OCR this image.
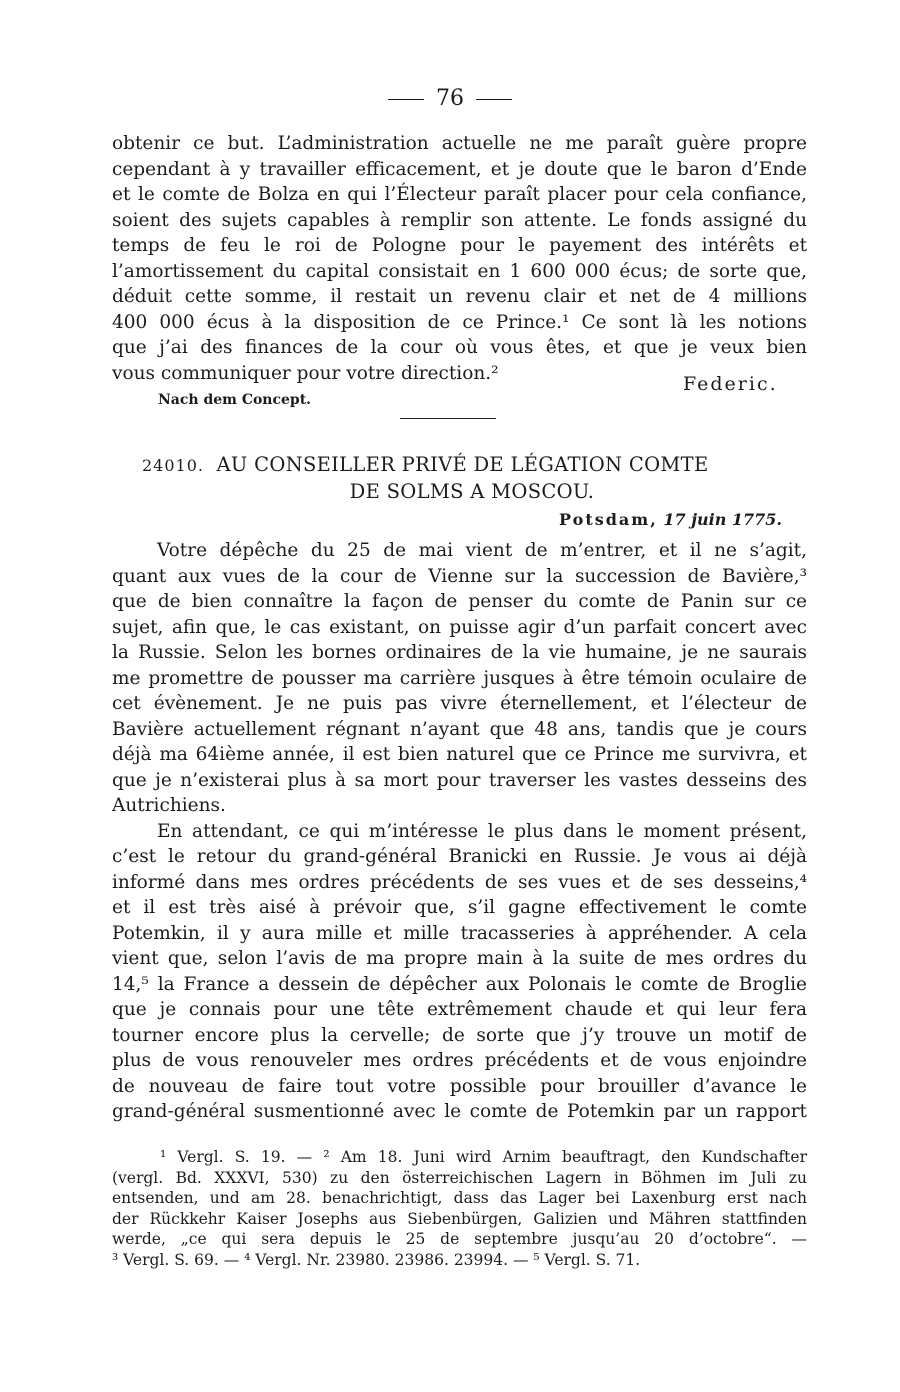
76
obtenir ce but. L’administration actuelle ne me paraît guère propre
cependant à y travailler efficacement, et je doute que le baron d’Ende
et le comte de Bolza en qui l’Électeur paraît placer pour cela confiance,
soient des sujets capables à remplir son attente. Le fonds assigné du
temps de feu le roi de Pologne pour le payement des intérêts et
l’amortissement du capital consistait en 1 600 000 écus; de sorte que,
déduit cette somme, il restait un revenu clair et net de 4 millions
400 000 écus à la disposition de ce Prince.¹ Ce sont là les notions
que j’ai des finances de la cour où vous êtes, et que je veux bien
vous communiquer pour votre direction.²	Federic.
Nach dem Concept.
24010. AU CONSEILLER PRIVÉ DE LÉGATION COMTE
DE SOLMS A MOSCOU.
Potsdam, 17 juin 1775.
Votre dépêche du 25 de mai vient de m’entrer, et il ne s’agit,
quant aux vues de la cour de Vienne sur la succession de Bavière,³
que de bien connaître la façon de penser du comte de Panin sur ce
sujet, afin que, le cas existant, on puisse agir d’un parfait concert avec
la Russie. Selon les bornes ordinaires de la vie humaine, je ne saurais
me promettre de pousser ma carrière jusques à être témoin oculaire de
cet évènement. Je ne puis pas vivre éternellement, et l’électeur de
Bavière actuellement régnant n’ayant que 48 ans, tandis que je cours
déjà ma 64ième année, il est bien naturel que ce Prince me survivra, et
que je n’existerai plus à sa mort pour traverser les vastes desseins des
Autrichiens.
En attendant, ce qui m’intéresse le plus dans le moment présent,
c’est le retour du grand-général Branicki en Russie. Je vous ai déjà
informé dans mes ordres précédents de ses vues et de ses desseins,⁴
et il est très aisé à prévoir que, s’il gagne effectivement le comte
Potemkin, il y aura mille et mille tracasseries à appréhender. A cela
vient que, selon l’avis de ma propre main à la suite de mes ordres du
14,⁵ la France a dessein de dépêcher aux Polonais le comte de Broglie
que je connais pour une tête extrêmement chaude et qui leur fera
tourner encore plus la cervelle; de sorte que j’y trouve un motif de
plus de vous renouveler mes ordres précédents et de vous enjoindre
de nouveau de faire tout votre possible pour brouiller d’avance le
grand-général susmentionné avec le comte de Potemkin par un rapport
¹ Vergl. S. 19. — ² Am 18. Juni wird Arnim beauftragt, den Kundschafter
(vergl. Bd. XXXVI, 530) zu den österreichischen Lagern in Böhmen im Juli zu
entsenden, und am 28. benachrichtigt, dass das Lager bei Laxenburg erst nach
der Rückkehr Kaiser Josephs aus Siebenbürgen, Galizien und Mähren stattfinden
werde, „ce qui sera depuis le 25 de septembre jusqu’au 20 d’octobre“. —
³ Vergl. S. 69. — ⁴ Vergl. Nr. 23980. 23986. 23994. — ⁵ Vergl. S. 71.
